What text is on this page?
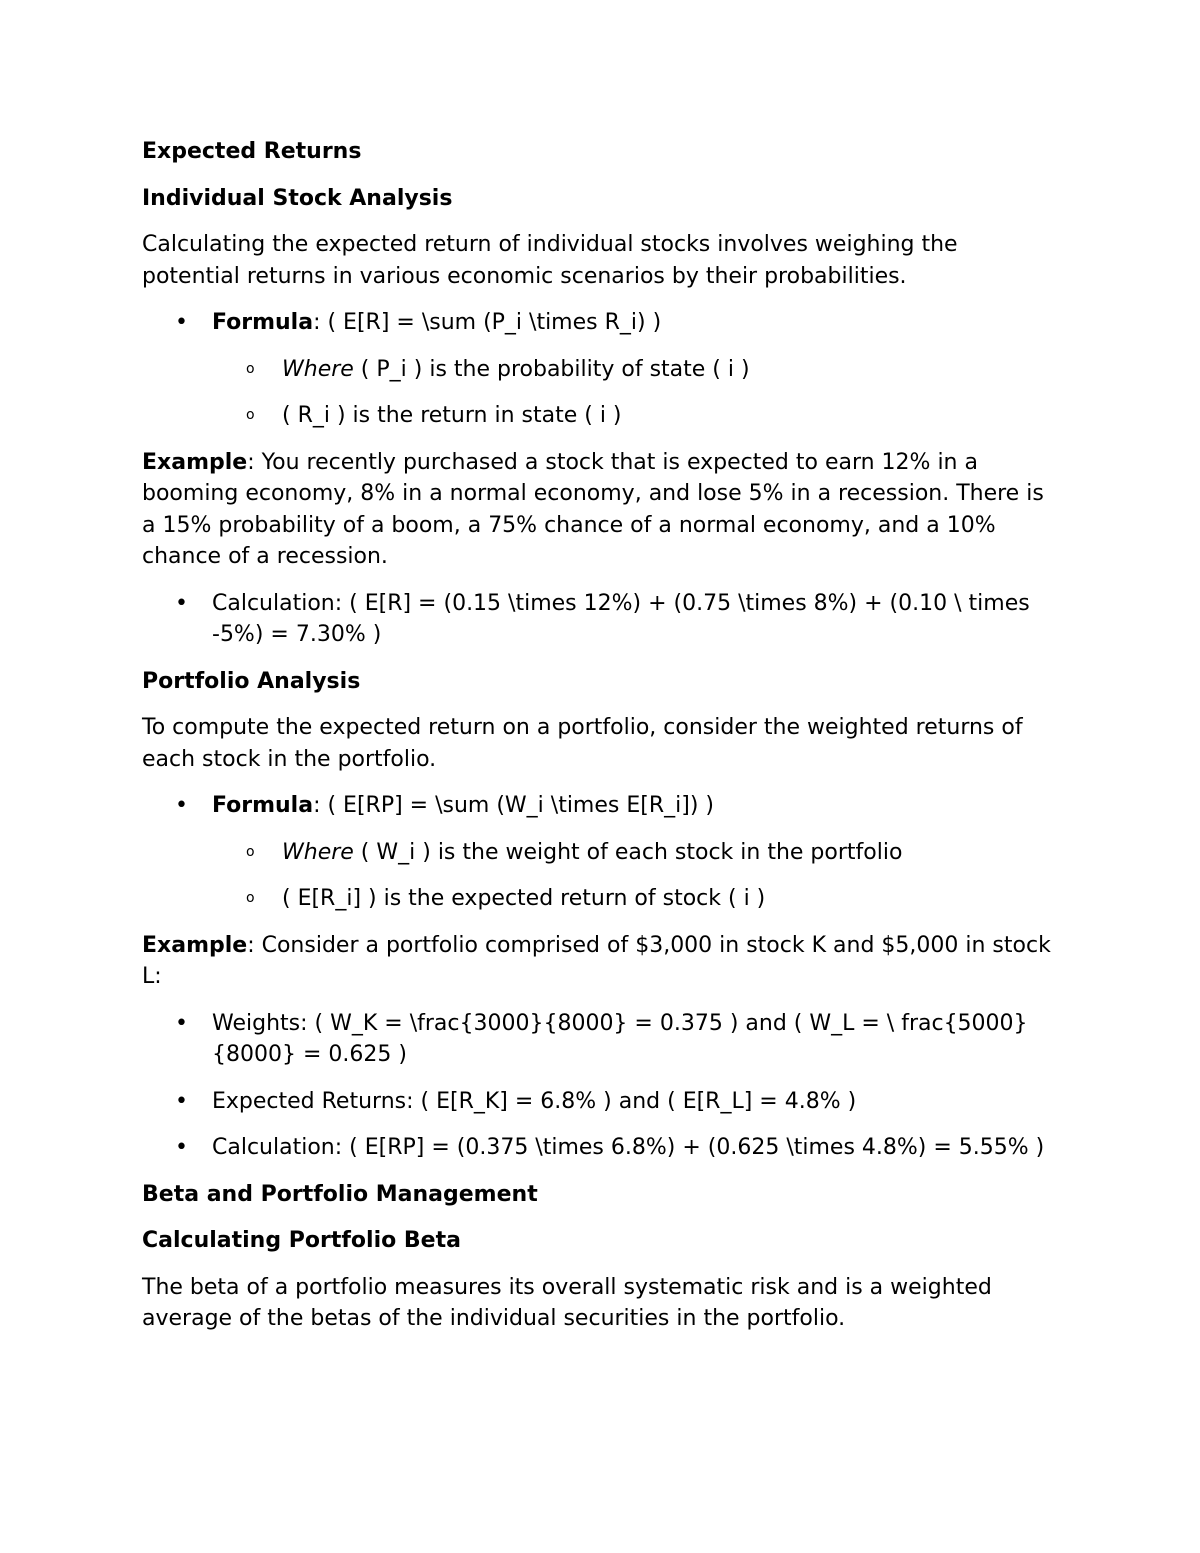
Expected Returns
Individual Stock Analysis
Calculating the expected return of individual stocks involves weighing the potential returns in various economic scenarios by their probabilities.
• Formula: ( E[R] = \sum (P_i \times R_i) )
o Where ( P_i ) is the probability of state ( i )
o ( R_i ) is the return in state ( i )
Example: You recently purchased a stock that is expected to earn 12% in a booming economy, 8% in a normal economy, and lose 5% in a recession. There is a 15% probability of a boom, a 75% chance of a normal economy, and a 10% chance of a recession.
• Calculation: ( E[R] = (0.15 \times 12%) + (0.75 \times 8%) + (0.10 \ times -5%) = 7.30% )
Portfolio Analysis
To compute the expected return on a portfolio, consider the weighted returns of each stock in the portfolio.
• Formula: ( E[RP] = \sum (W_i \times E[R_i]) )
o Where ( W_i ) is the weight of each stock in the portfolio
o ( E[R_i] ) is the expected return of stock ( i )
Example: Consider a portfolio comprised of $3,000 in stock K and $5,000 in stock L:
• Weights: ( W_K = \frac{3000}{8000} = 0.375 ) and ( W_L = \ frac{5000}{8000} = 0.625 )
• Expected Returns: ( E[R_K] = 6.8% ) and ( E[R_L] = 4.8% )
• Calculation: ( E[RP] = (0.375 \times 6.8%) + (0.625 \times 4.8%) = 5.55% )
Beta and Portfolio Management
Calculating Portfolio Beta
The beta of a portfolio measures its overall systematic risk and is a weighted average of the betas of the individual securities in the portfolio.
